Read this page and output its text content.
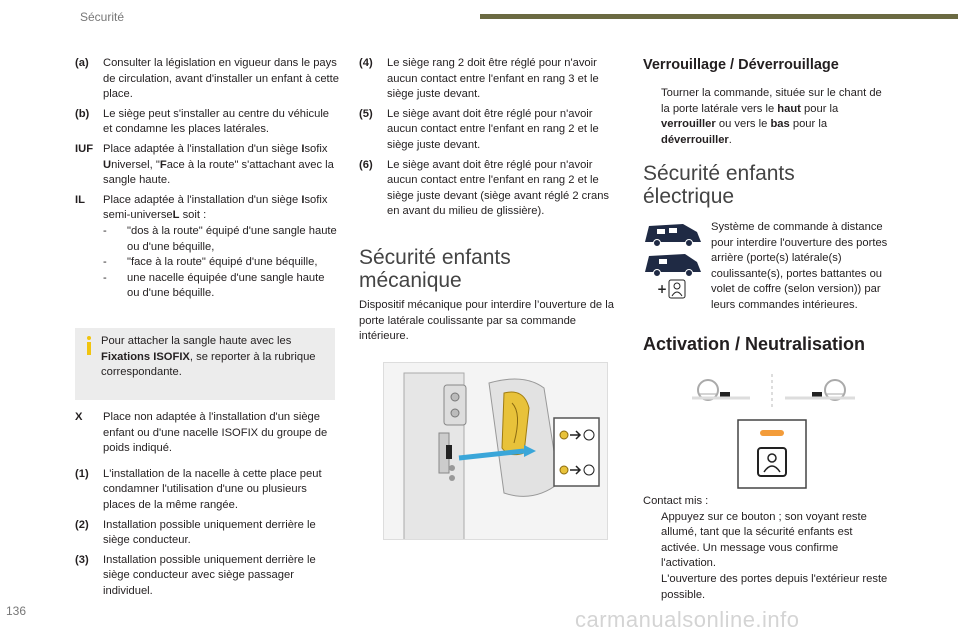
Sécurité
(a) Consulter la législation en vigueur dans le pays de circulation, avant d'installer un enfant à cette place.
(b) Le siège peut s'installer au centre du véhicule et condamne les places latérales.
IUF Place adaptée à l'installation d'un siège Isofix Universel, "Face à la route" s'attachant avec la sangle haute.
IL Place adaptée à l'installation d'un siège Isofix semi-universeL soit :
- "dos à la route" équipé d'une sangle haute ou d'une béquille,
- "face à la route" équipé d'une béquille,
- une nacelle équipée d'une sangle haute ou d'une béquille.
Pour attacher la sangle haute avec les Fixations ISOFIX, se reporter à la rubrique correspondante.
X Place non adaptée à l'installation d'un siège enfant ou d'une nacelle ISOFIX du groupe de poids indiqué.
(1) L'installation de la nacelle à cette place peut condamner l'utilisation d'une ou plusieurs places de la même rangée.
(2) Installation possible uniquement derrière le siège conducteur.
(3) Installation possible uniquement derrière le siège conducteur avec siège passager individuel.
(4) Le siège rang 2 doit être réglé pour n'avoir aucun contact entre l'enfant en rang 3 et le siège juste devant.
(5) Le siège avant doit être réglé pour n'avoir aucun contact entre l'enfant en rang 2 et le siège juste devant.
(6) Le siège avant doit être réglé pour n'avoir aucun contact entre l'enfant en rang 2 et le siège juste devant (siège avant réglé 2 crans en avant du milieu de glissière).
Sécurité enfants
mécanique
Dispositif mécanique pour interdire l’ouverture de la porte latérale coulissante par sa commande intérieure.
Verrouillage / Déverrouillage
Tourner la commande, située sur le chant de la porte latérale vers le haut pour la verrouiller ou vers le bas pour la déverrouiller.
Sécurité enfants
électrique
+
Système de commande à distance pour interdire l'ouverture des portes arrière (porte(s) latérale(s) coulissante(s), portes battantes ou volet de coffre (selon version)) par leurs commandes intérieures.
Activation / Neutralisation
Contact mis :
Appuyez sur ce bouton ; son voyant reste allumé, tant que la sécurité enfants est activée. Un message vous confirme l'activation.
L'ouverture des portes depuis l'extérieur reste possible.
136	carmanualsonline.info
